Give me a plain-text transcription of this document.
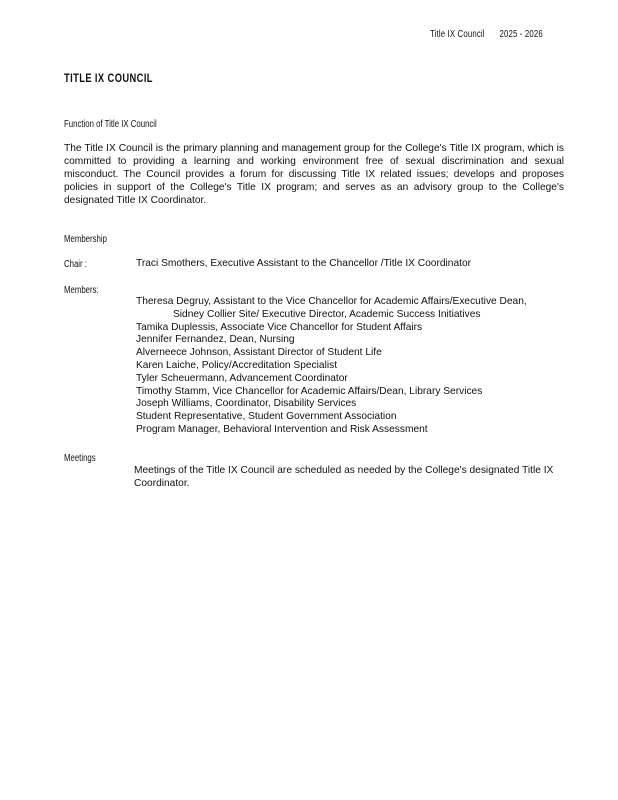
Title IX Council 2025 - 2026
TITLE IX COUNCIL
Function of Title IX Council
The Title IX Council is the primary planning and management group for the College's Title IX program, which is committed to providing a learning and working environment free of sexual discrimination and sexual misconduct. The Council provides a forum for discussing Title IX related issues; develops and proposes policies in support of the College's Title IX program; and serves as an advisory group to the College's designated Title IX Coordinator.
Membership
Chair :	Traci Smothers, Executive Assistant to the Chancellor /Title IX Coordinator
Members:
Theresa Degruy, Assistant to the Vice Chancellor for Academic Affairs/Executive Dean,
Sidney Collier Site/ Executive Director, Academic Success Initiatives
Tamika Duplessis, Associate Vice Chancellor for Student Affairs
Jennifer Fernandez, Dean, Nursing
Alverneece Johnson, Assistant Director of Student Life
Karen Laiche, Policy/Accreditation Specialist
Tyler Scheuermann, Advancement Coordinator
Timothy Stamm, Vice Chancellor for Academic Affairs/Dean, Library Services
Joseph Williams, Coordinator, Disability Services
Student Representative, Student Government Association
Program Manager, Behavioral Intervention and Risk Assessment
Meetings
Meetings of the Title IX Council are scheduled as needed by the College's designated Title IX Coordinator.
